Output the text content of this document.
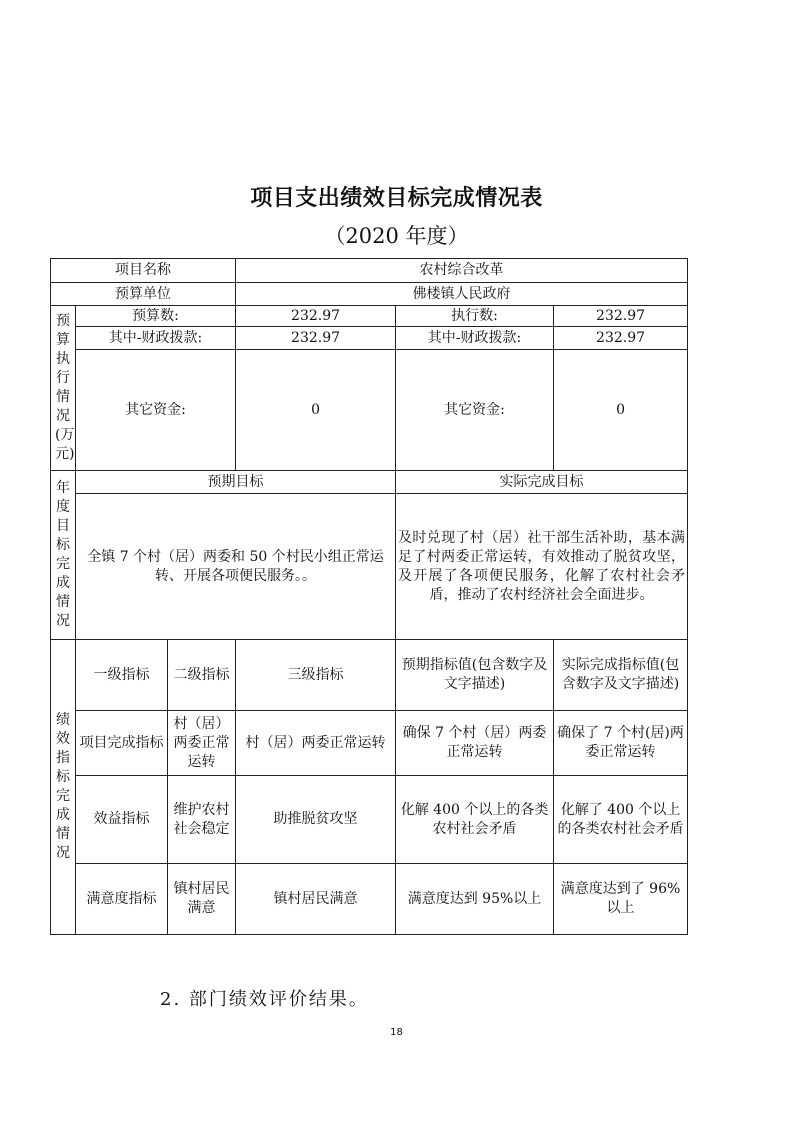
项目支出绩效目标完成情况表
（2020 年度）
项目名称			农村综合改革		
预算单位			佛楼镇人民政府		

预算执行情况(万元)	预算数:		232.97	执行数:	232.97
	其中-财政拨款:		232.97	其中-财政拨款:	232.97
	其它资金:		0	其它资金:	0

年度目标完成情况	预期目标			实际完成目标	
	全镇 7 个村（居）两委和 50 个村民小组正常运转、开展各项便民服务。。			及时兑现了村（居）社干部生活补助，基本满足了村两委正常运转，有效推动了脱贫攻坚，及开展了各项便民服务，化解了农村社会矛盾，推动了农村经济社会全面进步。	

绩效指标完成情况	一级指标	二级指标	三级指标	预期指标值(包含数字及文字描述)	实际完成指标值(包含数字及文字描述)
	项目完成指标	村（居）两委正常运转	村（居）两委正常运转	确保 7 个村（居）两委正常运转	确保了 7 个村(居)两委正常运转
	效益指标	维护农村社会稳定	助推脱贫攻坚	化解 400 个以上的各类农村社会矛盾	化解了 400 个以上的各类农村社会矛盾
	满意度指标	镇村居民满意	镇村居民满意	满意度达到 95%以上	满意度达到了 96%以上
2. 部门绩效评价结果。
18
